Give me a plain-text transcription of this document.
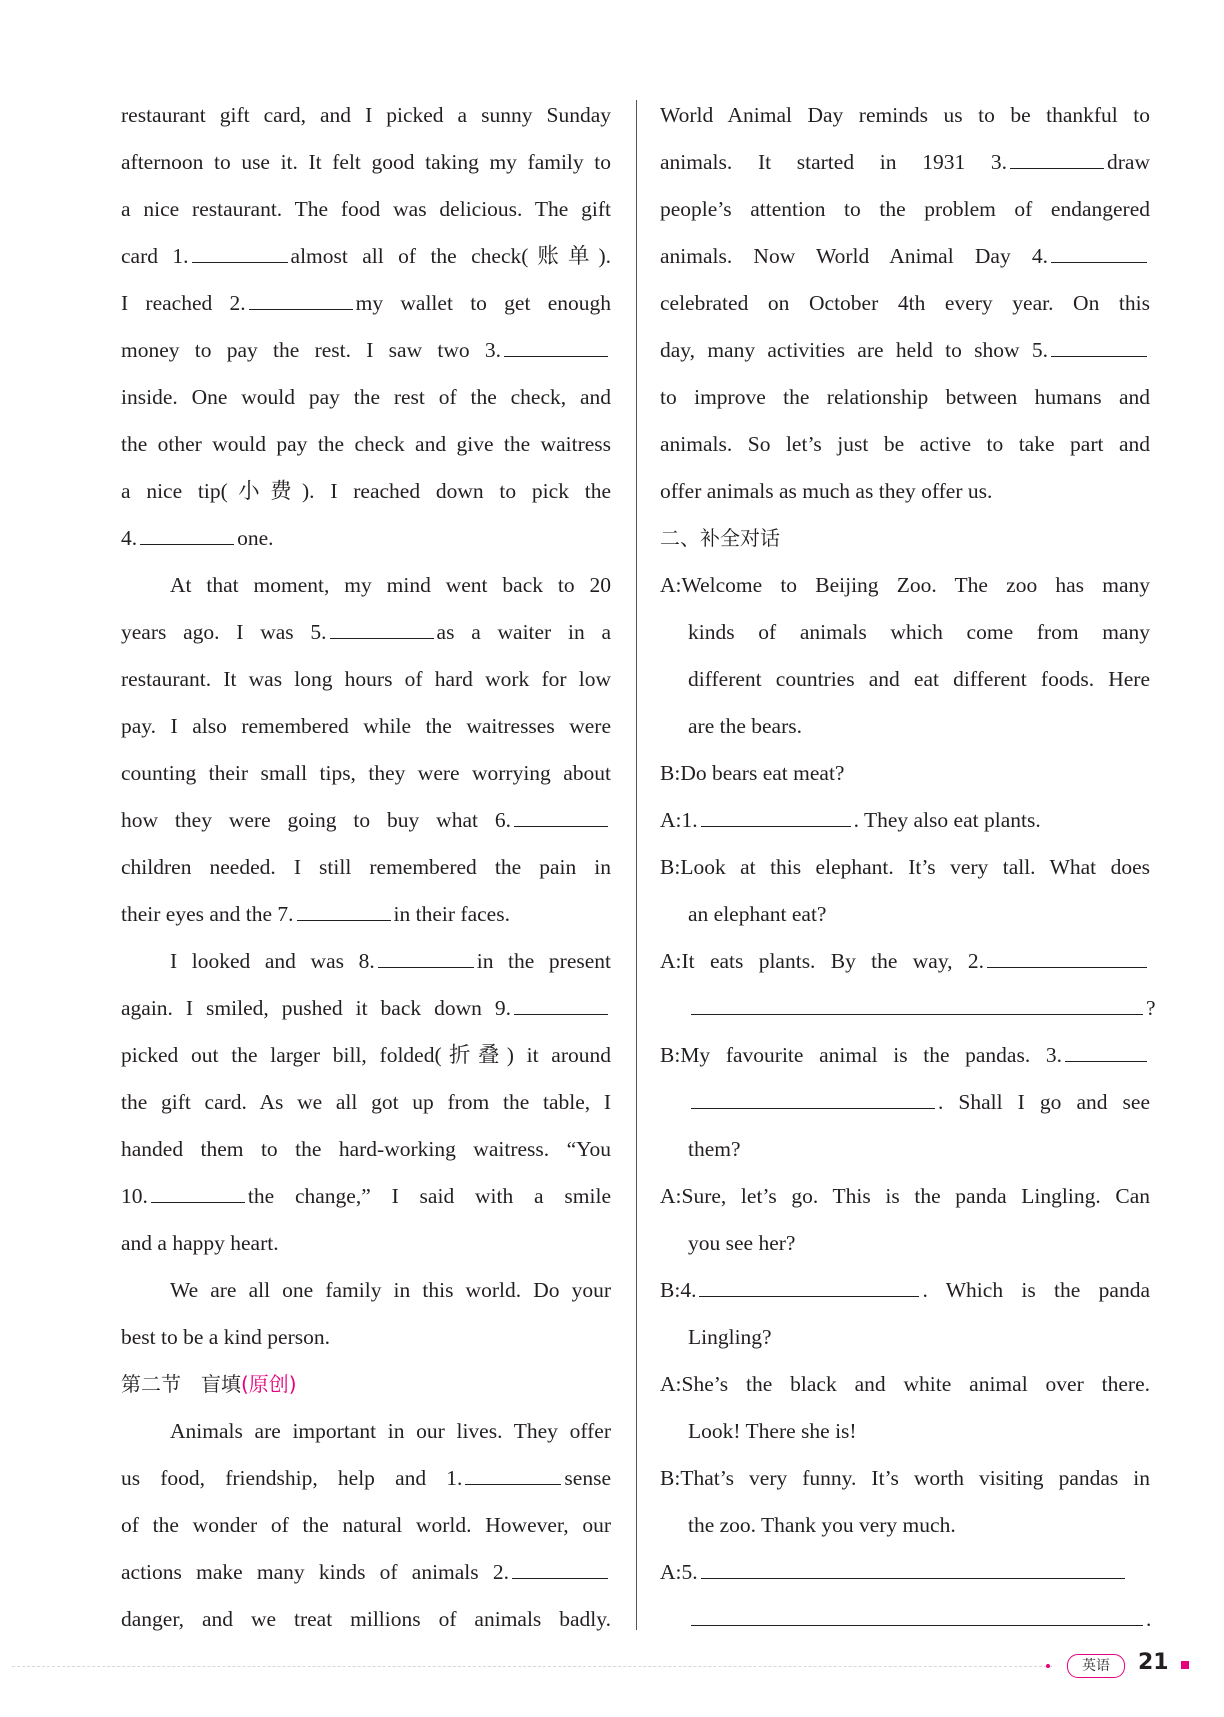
restaurant gift card, and I picked a sunny Sunday
afternoon to use it. It felt good taking my family to
a nice restaurant. The food was delicious. The gift
card 1.	almost all of the check(账单).
I reached 2.	my wallet to get enough
money to pay the rest. I saw two 3.
inside. One would pay the rest of the check, and
the other would pay the check and give the waitress
a nice tip(小费). I reached down to pick the
4.	one.
At that moment, my mind went back to 20
years ago. I was 5.	as a waiter in a
restaurant. It was long hours of hard work for low
pay. I also remembered while the waitresses were
counting their small tips, they were worrying about
how they were going to buy what 6.
children needed. I still remembered the pain in
their eyes and the 7.	in their faces.
I looked and was 8.	in the present
again. I smiled, pushed it back down 9.
picked out the larger bill, folded(折叠) it around
the gift card. As we all got up from the table, I
handed them to the hard-working waitress. “You
10.	the change,” I said with a smile
and a happy heart.
We are all one family in this world. Do your
best to be a kind person.
第二节　盲填(原创)
Animals are important in our lives. They offer
us food, friendship, help and 1.	sense
of the wonder of the natural world. However, our
actions make many kinds of animals 2.
danger, and we treat millions of animals badly.
World Animal Day reminds us to be thankful to
animals. It started in 1931 3.	draw
people’s attention to the problem of endangered
animals. Now World Animal Day 4.
celebrated on October 4th every year. On this
day, many activities are held to show 5.
to improve the relationship between humans and
animals. So let’s just be active to take part and
offer animals as much as they offer us.
二、补全对话
A:Welcome to Beijing Zoo. The zoo has many
kinds of animals which come from many
different countries and eat different foods. Here
are the bears.
B:Do bears eat meat?
A:1.	. They also eat plants.
B:Look at this elephant. It’s very tall. What does
an elephant eat?
A:It eats plants. By the way, 2.
?
B:My favourite animal is the pandas. 3.
. Shall I go and see
them?
A:Sure, let’s go. This is the panda Lingling. Can
you see her?
B:4.	. Which is the panda
Lingling?
A:She’s the black and white animal over there.
Look! There she is!
B:That’s very funny. It’s worth visiting pandas in
the zoo. Thank you very much.
A:5.
.
英语	21
